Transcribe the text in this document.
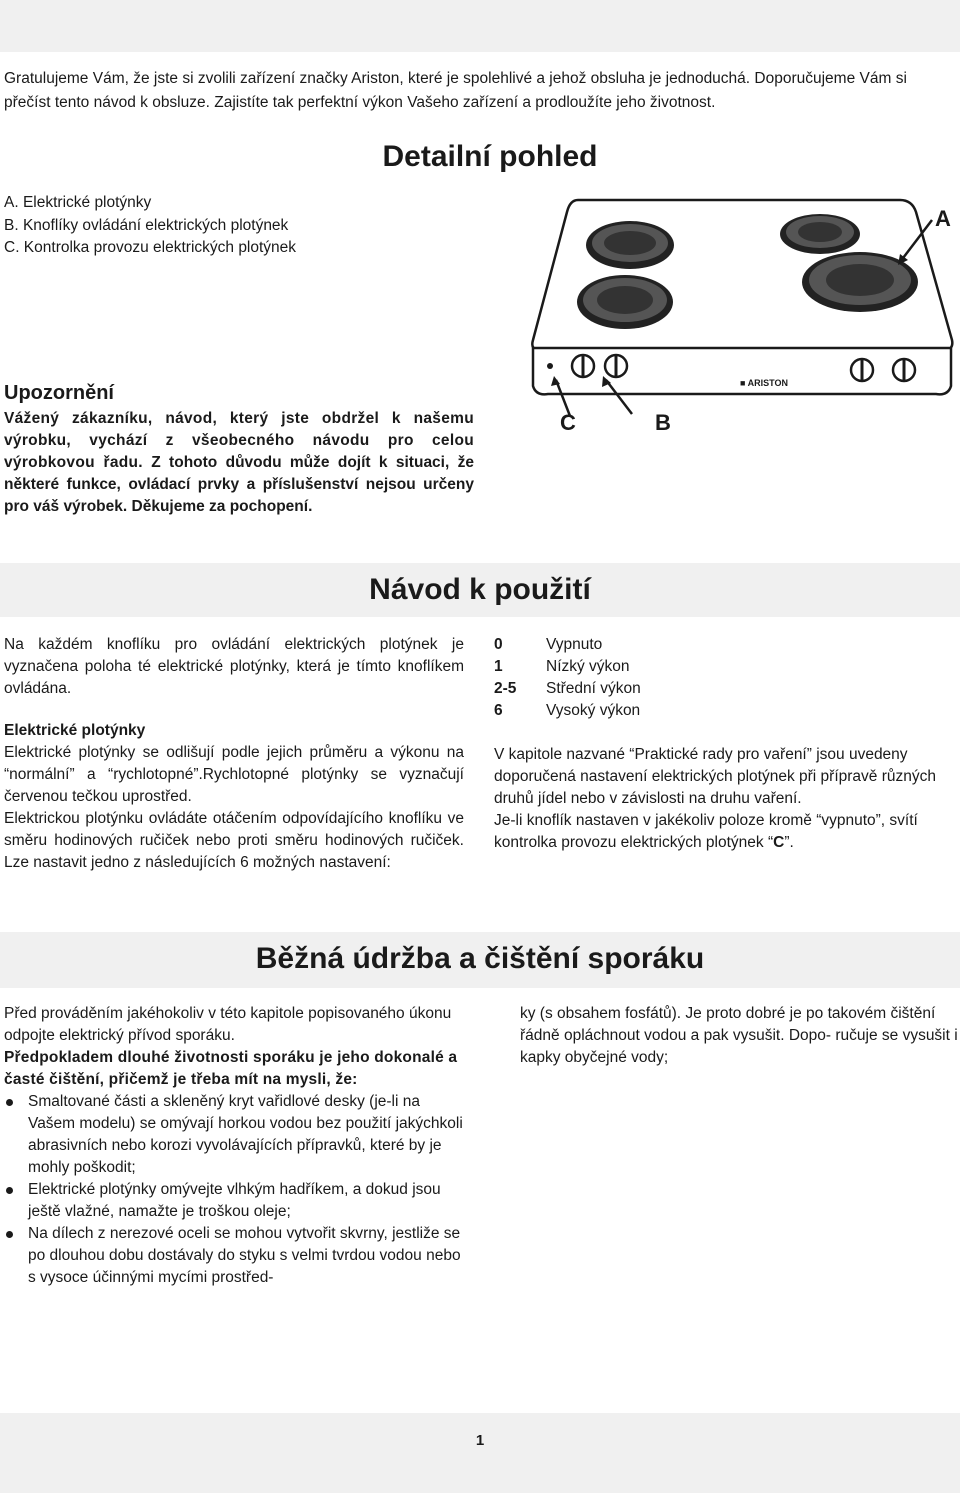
Gratulujeme Vám, že jste si zvolili zařízení značky Ariston, které je spolehlivé a jehož obsluha je jednoduchá. Doporučujeme Vám si přečíst tento návod k obsluze. Zajistíte tak perfektní výkon Vašeho zařízení a prodloužíte jeho životnost.
Detailní pohled
A. Elektrické plotýnky
B. Knoflíky ovládání elektrických plotýnek
C. Kontrolka provozu elektrických plotýnek
■ ARISTON
A
C	B
Upozornění
Vážený zákazníku, návod, který jste obdržel k našemu výrobku, vychází z všeobecného návodu pro celou výrobkovou řadu. Z tohoto důvodu může dojít k situaci, že některé funkce, ovládací prvky a příslušenství nejsou určeny pro váš výrobek. Děkujeme za pochopení.
Návod k použití

Na každém knoflíku pro ovládání elektrických plotýnek je vyznačena poloha té elektrické plotýnky, která je tímto knoflíkem ovládána.

Elektrické plotýnky

Elektrické plotýnky se odlišují podle jejich průměru a výkonu na “normální” a “rychlotopné”.Rychlotopné plotýnky se vyznačují červenou tečkou uprostřed.

Elektrickou plotýnku ovládáte otáčením odpovídajícího knoflíku ve směru hodinových ručiček nebo proti směru hodinových ručiček. Lze nastavit jedno z následujících 6 možných nastavení:

0	Vypnuto
1	Nízký výkon
2-5	Střední výkon
6	Vysoký výkon

V kapitole nazvané “Praktické rady pro vaření” jsou uvedeny doporučená nastavení elektrických plotýnek při přípravě různých druhů jídel nebo v závislosti na druhu vaření.

Je-li knoflík nastaven v jakékoliv poloze kromě “vypnuto”, svítí kontrolka provozu elektrických plotýnek “C”.

Běžná údržba a čištění sporáku

Před prováděním jakéhokoliv v této kapitole popisovaného úkonu odpojte elektrický přívod sporáku.

Předpokladem dlouhé životnosti sporáku je jeho dokonalé a časté čištění, přičemž je třeba mít na mysli, že:

Smaltované části a skleněný kryt vařidlové desky (je-li na Vašem modelu) se omývají horkou vodou bez použití jakýchkoli abrasivních nebo korozi vyvolávajících přípravků, které by je mohly poškodit;
Elektrické plotýnky omývejte vlhkým hadříkem, a dokud jsou ještě vlažné, namažte je troškou oleje;
Na dílech z nerezové oceli se mohou vytvořit skvrny, jestliže se po dlouhou dobu dostávaly do styku s velmi tvrdou vodou nebo s vysoce účinnými mycími prostřed-

ky (s obsahem fosfátů). Je proto dobré je po takovém čištění řádně opláchnout vodou a pak vysušit. Dopo- ručuje se vysušit i kapky obyčejné vody;

1
